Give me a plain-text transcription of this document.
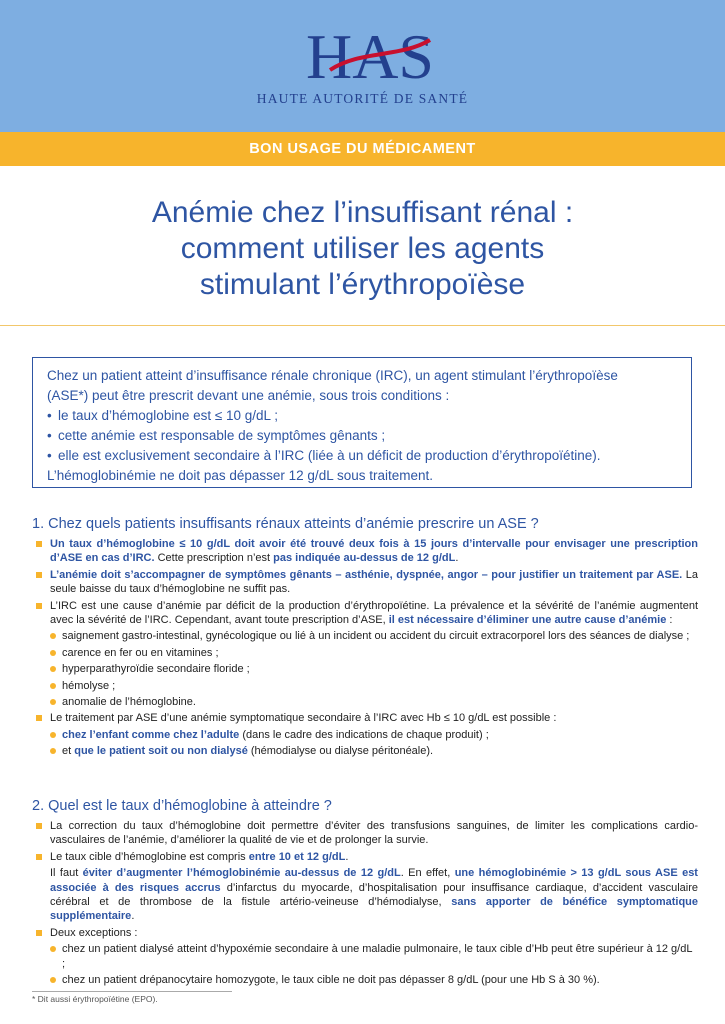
HAS
HAUTE AUTORITÉ DE SANTÉ
BON USAGE DU MÉDICAMENT
Anémie chez l’insuffisant rénal :
comment utiliser les agents
stimulant l’érythropoïèse
Chez un patient atteint d’insuffisance rénale chronique (IRC), un agent stimulant l’érythropoïèse
(ASE*) peut être prescrit devant une anémie, sous trois conditions :
• le taux d’hémoglobine est ≤ 10 g/dL ;
• cette anémie est responsable de symptômes gênants ;
• elle est exclusivement secondaire à l’IRC (liée à un déficit de production d’érythropoïétine).
L’hémoglobinémie ne doit pas dépasser 12 g/dL sous traitement.
1. Chez quels patients insuffisants rénaux atteints d’anémie prescrire un ASE ?
Un taux d’hémoglobine ≤ 10 g/dL doit avoir été trouvé deux fois à 15 jours d’intervalle pour envisager une prescription d’ASE en cas d’IRC. Cette prescription n’est pas indiquée au-dessus de 12 g/dL.
L’anémie doit s’accompagner de symptômes gênants – asthénie, dyspnée, angor – pour justifier un traitement par ASE. La seule baisse du taux d’hémoglobine ne suffit pas.
L’IRC est une cause d’anémie par déficit de la production d’érythropoïétine. La prévalence et la sévérité de l’anémie augmentent avec la sévérité de l’IRC. Cependant, avant toute prescription d’ASE, il est nécessaire d’éliminer une autre cause d’anémie :
saignement gastro-intestinal, gynécologique ou lié à un incident ou accident du circuit extracorporel lors des séances de dialyse ;
carence en fer ou en vitamines ;
hyperparathyroïdie secondaire floride ;
hémolyse ;
anomalie de l’hémoglobine.
Le traitement par ASE d’une anémie symptomatique secondaire à l’IRC avec Hb ≤ 10 g/dL est possible :
chez l’enfant comme chez l’adulte (dans le cadre des indications de chaque produit) ;
et que le patient soit ou non dialysé (hémodialyse ou dialyse péritonéale).
2. Quel est le taux d’hémoglobine à atteindre ?
La correction du taux d’hémoglobine doit permettre d’éviter des transfusions sanguines, de limiter les complications cardio-vasculaires de l’anémie, d’améliorer la qualité de vie et de prolonger la survie.
Le taux cible d’hémoglobine est compris entre 10 et 12 g/dL.
Il faut éviter d’augmenter l’hémoglobinémie au-dessus de 12 g/dL. En effet, une hémoglobinémie > 13 g/dL sous ASE est associée à des risques accrus d’infarctus du myocarde, d’hospitalisation pour insuffisance cardiaque, d’accident vasculaire cérébral et de thrombose de la fistule artério-veineuse d’hémodialyse, sans apporter de bénéfice symptomatique supplémentaire.
Deux exceptions :
chez un patient dialysé atteint d’hypoxémie secondaire à une maladie pulmonaire, le taux cible d’Hb peut être supérieur à 12 g/dL ;
chez un patient drépanocytaire homozygote, le taux cible ne doit pas dépasser 8 g/dL (pour une Hb S à 30 %).
* Dit aussi érythropoïétine (EPO).
